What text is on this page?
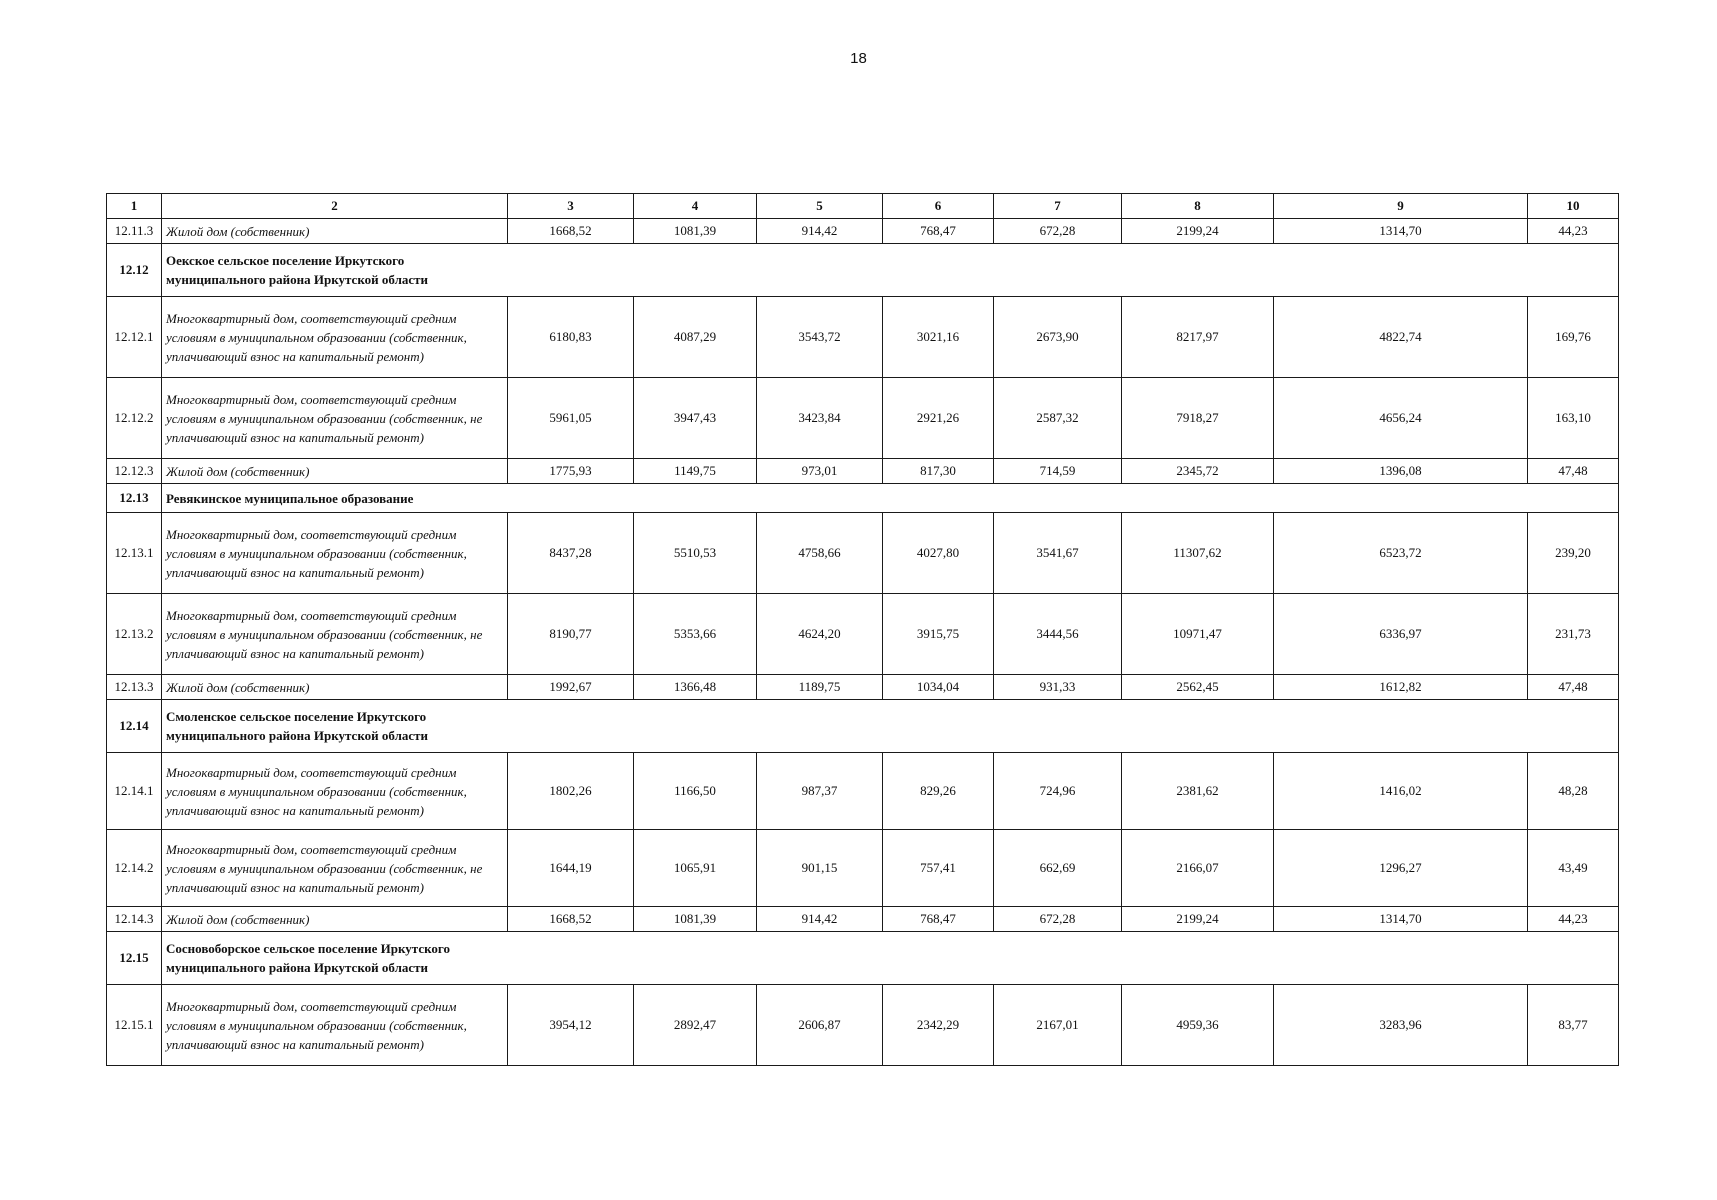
18
1	2	3	4	5	6	7	8	9	10
12.11.3	Жилой дом (собственник)	1668,52	1081,39	914,42	768,47	672,28	2199,24	1314,70	44,23
12.12	Оекское сельское поселение Иркутского муниципального района Иркутской области								

12.12.1	Многоквартирный дом, соответствующий средним условиям в муниципальном образовании (собственник, уплачивающий взнос на капитальный ремонт)	6180,83	4087,29	3543,72	3021,16	2673,90	8217,97	4822,74	169,76
12.12.2	Многоквартирный дом, соответствующий средним условиям в муниципальном образовании (собственник, не уплачивающий взнос на капитальный ремонт)	5961,05	3947,43	3423,84	2921,26	2587,32	7918,27	4656,24	163,10
12.12.3	Жилой дом (собственник)	1775,93	1149,75	973,01	817,30	714,59	2345,72	1396,08	47,48
12.13	Ревякинское муниципальное образование								

12.13.1	Многоквартирный дом, соответствующий средним условиям в муниципальном образовании (собственник, уплачивающий взнос на капитальный ремонт)	8437,28	5510,53	4758,66	4027,80	3541,67	11307,62	6523,72	239,20
12.13.2	Многоквартирный дом, соответствующий средним условиям в муниципальном образовании (собственник, не уплачивающий взнос на капитальный ремонт)	8190,77	5353,66	4624,20	3915,75	3444,56	10971,47	6336,97	231,73
12.13.3	Жилой дом (собственник)	1992,67	1366,48	1189,75	1034,04	931,33	2562,45	1612,82	47,48
12.14	Смоленское сельское поселение Иркутского муниципального района Иркутской области								

12.14.1	Многоквартирный дом, соответствующий средним условиям в муниципальном образовании (собственник, уплачивающий взнос на капитальный ремонт)	1802,26	1166,50	987,37	829,26	724,96	2381,62	1416,02	48,28
12.14.2	Многоквартирный дом, соответствующий средним условиям в муниципальном образовании (собственник, не уплачивающий взнос на капитальный ремонт)	1644,19	1065,91	901,15	757,41	662,69	2166,07	1296,27	43,49
12.14.3	Жилой дом (собственник)	1668,52	1081,39	914,42	768,47	672,28	2199,24	1314,70	44,23
12.15	Сосновоборское сельское поселение Иркутского муниципального района Иркутской области								

12.15.1	Многоквартирный дом, соответствующий средним условиям в муниципальном образовании (собственник, уплачивающий взнос на капитальный ремонт)	3954,12	2892,47	2606,87	2342,29	2167,01	4959,36	3283,96	83,77
